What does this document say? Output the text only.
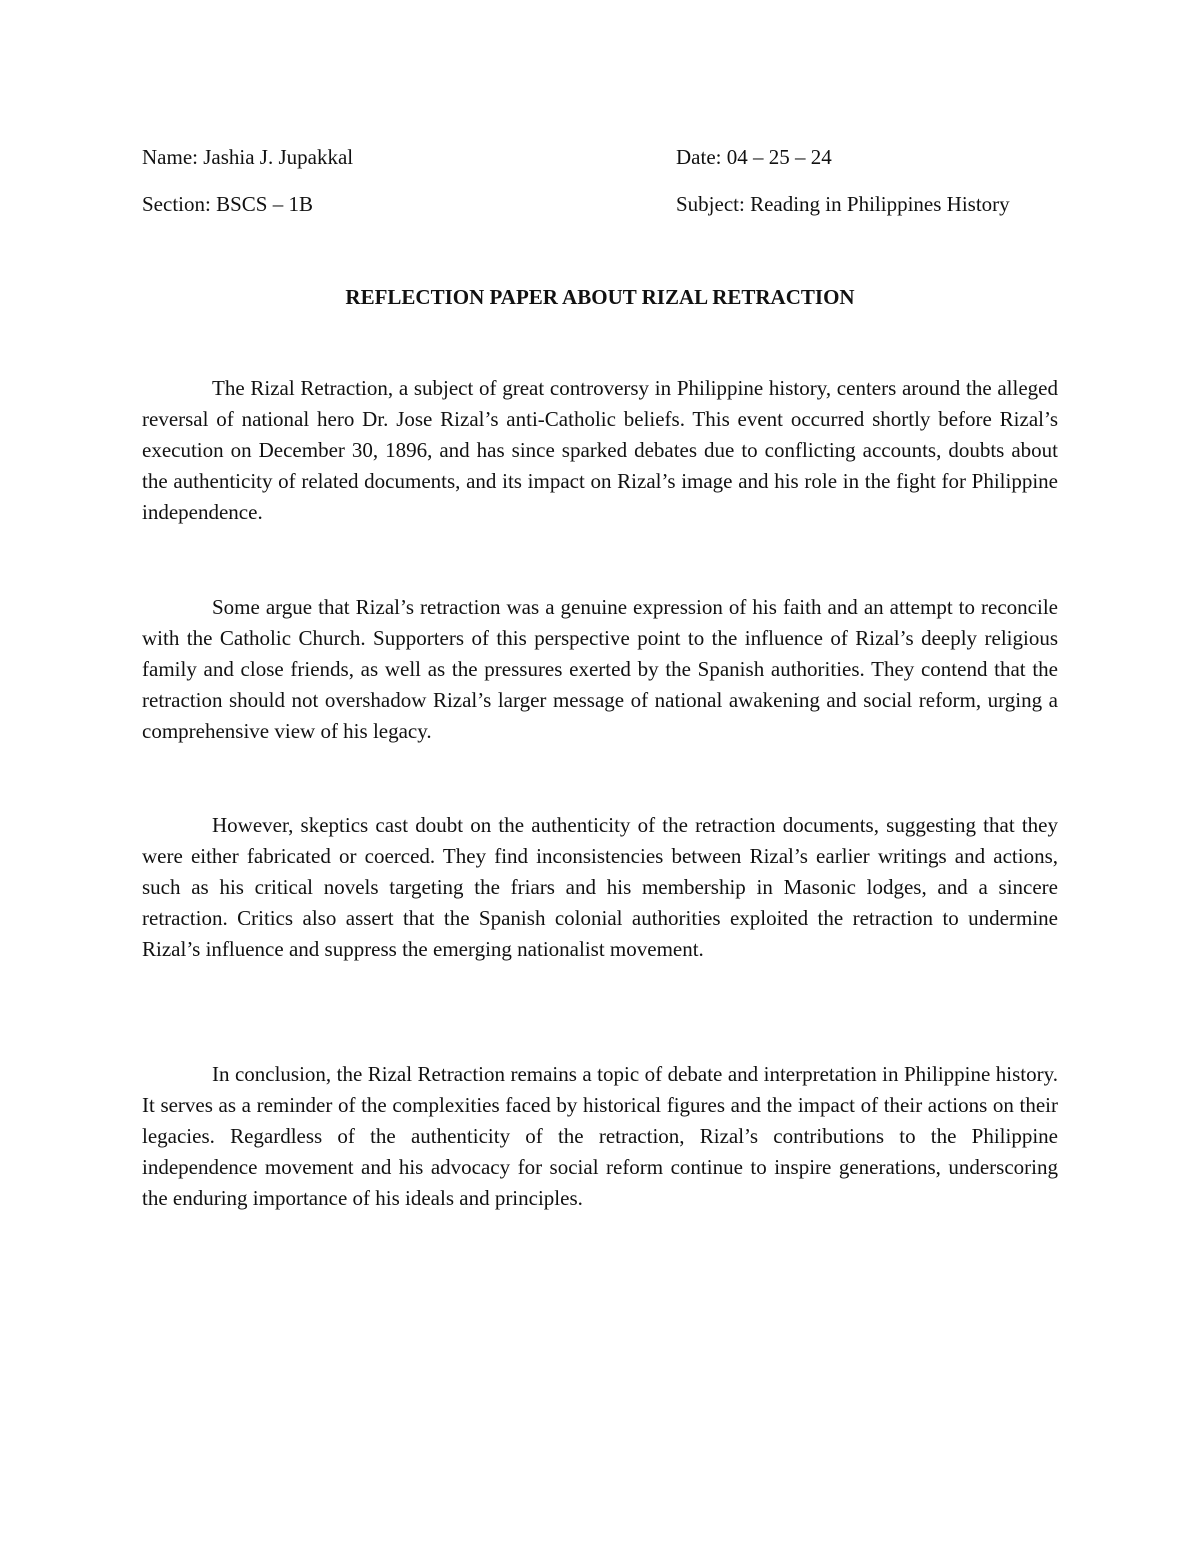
Name: Jashia J. Jupakkal	Date: 04 – 25 – 24
Section: BSCS – 1B	Subject: Reading in Philippines History
REFLECTION PAPER ABOUT RIZAL RETRACTION

The Rizal Retraction, a subject of great controversy in Philippine history, centers around the alleged reversal of national hero Dr. Jose Rizal’s anti-Catholic beliefs. This event occurred shortly before Rizal’s execution on December 30, 1896, and has since sparked debates due to conflicting accounts, doubts about the authenticity of related documents, and its impact on Rizal’s image and his role in the fight for Philippine independence.

Some argue that Rizal’s retraction was a genuine expression of his faith and an attempt to reconcile with the Catholic Church. Supporters of this perspective point to the influence of Rizal’s deeply religious family and close friends, as well as the pressures exerted by the Spanish authorities. They contend that the retraction should not overshadow Rizal’s larger message of national awakening and social reform, urging a comprehensive view of his legacy.

However, skeptics cast doubt on the authenticity of the retraction documents, suggesting that they were either fabricated or coerced. They find inconsistencies between Rizal’s earlier writings and actions, such as his critical novels targeting the friars and his membership in Masonic lodges, and a sincere retraction. Critics also assert that the Spanish colonial authorities exploited the retraction to undermine Rizal’s influence and suppress the emerging nationalist movement.

In conclusion, the Rizal Retraction remains a topic of debate and interpretation in Philippine history. It serves as a reminder of the complexities faced by historical figures and the impact of their actions on their legacies. Regardless of the authenticity of the retraction, Rizal’s contributions to the Philippine independence movement and his advocacy for social reform continue to inspire generations, underscoring the enduring importance of his ideals and principles.
